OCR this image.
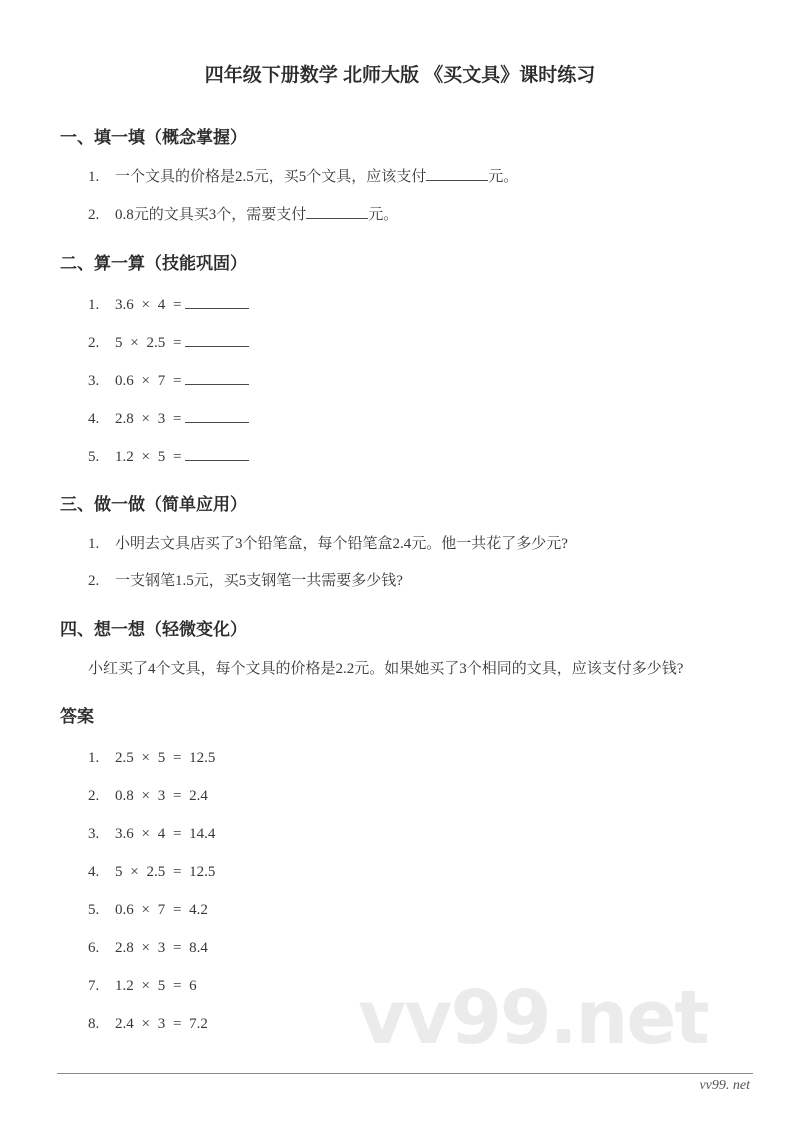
vv99.net
四年级下册数学 北师大版 《买文具》课时练习
一、填一填（概念掌握）
1. 一个文具的价格是2.5元，买5个文具，应该支付	元。
2. 0.8元的文具买3个，需要支付	元。
二、算一算（技能巩固）
1. 3.6 × 4 =
2. 5 × 2.5 =
3. 0.6 × 7 =
4. 2.8 × 3 =
5. 1.2 × 5 =
三、做一做（简单应用）
1. 小明去文具店买了3个铅笔盒，每个铅笔盒2.4元。他一共花了多少元?
2. 一支钢笔1.5元，买5支钢笔一共需要多少钱?
四、想一想（轻微变化）
小红买了4个文具，每个文具的价格是2.2元。如果她买了3个相同的文具，应该支付多少钱?
答案
1. 2.5 × 5 = 12.5
2. 0.8 × 3 = 2.4
3. 3.6 × 4 = 14.4
4. 5 × 2.5 = 12.5
5. 0.6 × 7 = 4.2
6. 2.8 × 3 = 8.4
7. 1.2 × 5 = 6
8. 2.4 × 3 = 7.2
vv99. net
